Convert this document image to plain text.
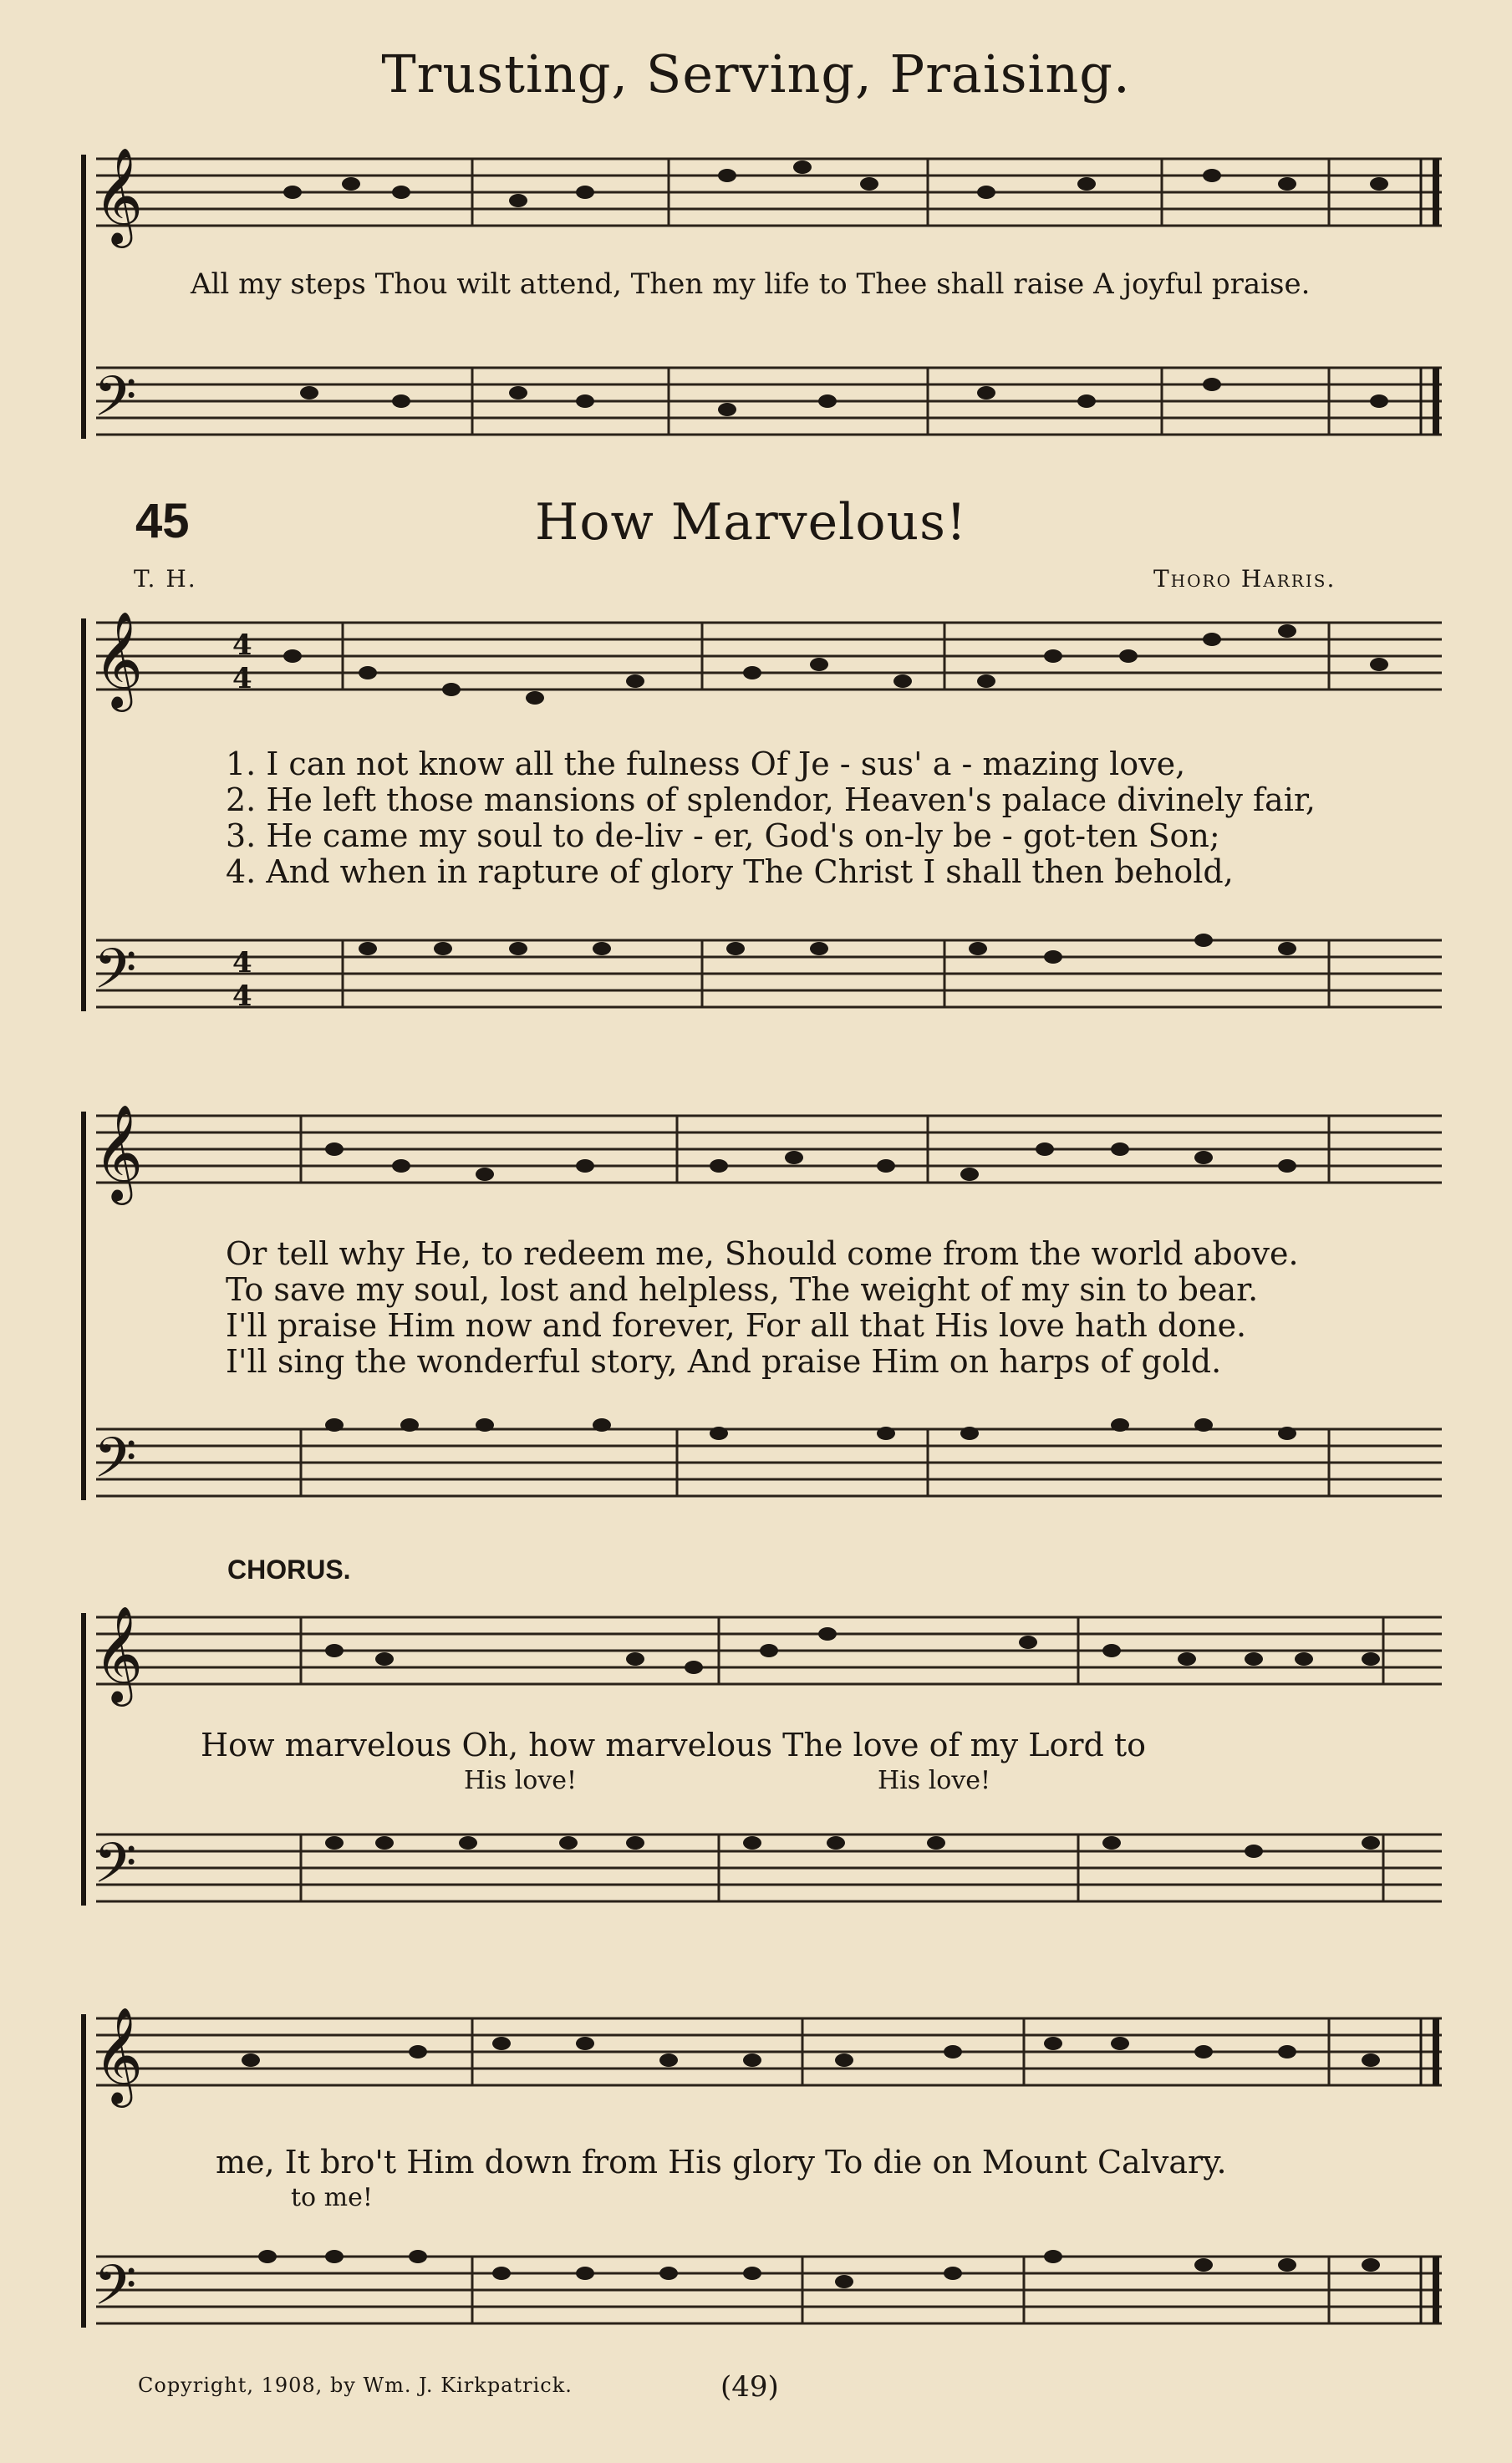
Trusting, Serving, Praising.
𝄞
𝄢
𝄞
𝄢
𝄞
𝄢
𝄞
𝄢
𝄞
𝄢
4
4
4
4
All my steps Thou wilt attend, Then my life to Thee shall raise A joyful praise.
45	How Marvelous!
T. H.	Thoro Harris.
1. I can not know all the fulness Of Je - sus' a - mazing love,
2. He left those mansions of splendor, Heaven's palace divinely fair,
3. He came my soul to de-liv - er, God's on-ly be - got-ten Son;
4. And when in rapture of glory The Christ I shall then behold,
Or tell why He, to redeem me, Should come from the world above.
To save my soul, lost and helpless, The weight of my sin to bear.
I'll praise Him now and forever, For all that His love hath done.
I'll sing the wonderful story, And praise Him on harps of gold.
CHORUS.
How marvelous Oh, how marvelous The love of my Lord to
His love!	His love!
me, It bro't Him down from His glory To die on Mount Calvary.
to me!
Copyright, 1908, by Wm. J. Kirkpatrick.	(49)
